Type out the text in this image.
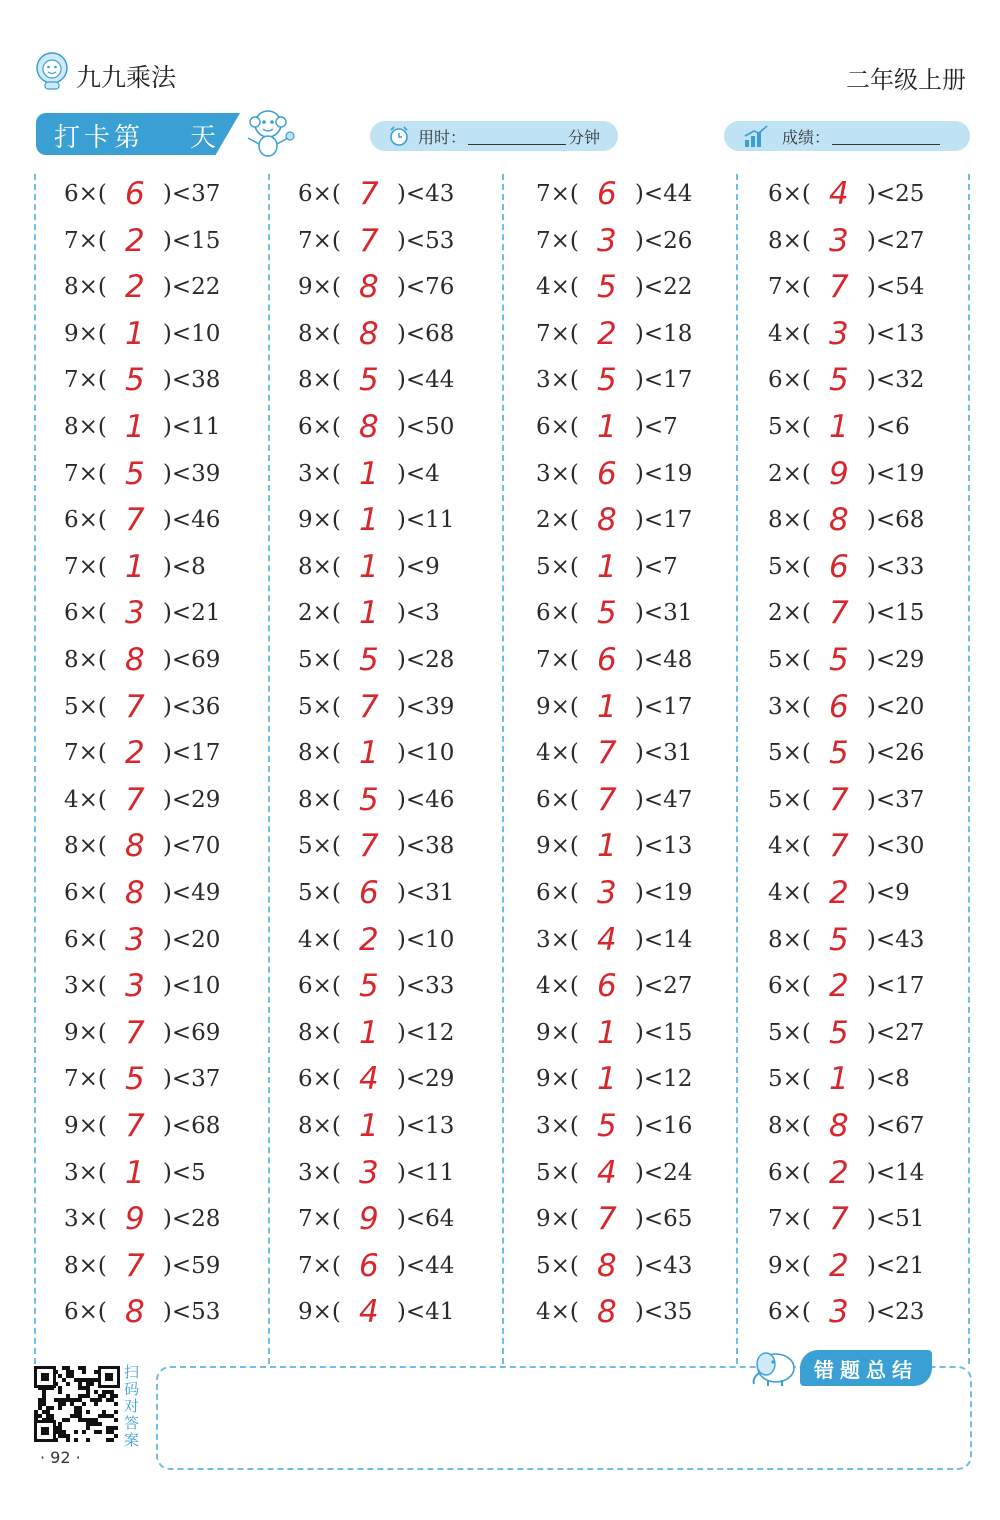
九九乘法	二年级上册
打卡第 天	用时：	分钟	成绩：
6×( 6 )<37
7×( 2 )<15
8×( 2 )<22
9×( 1 )<10
7×( 5 )<38
8×( 1 )<11
7×( 5 )<39
6×( 7 )<46
7×( 1 )<8
6×( 3 )<21
8×( 8 )<69
5×( 7 )<36
7×( 2 )<17
4×( 7 )<29
8×( 8 )<70
6×( 8 )<49
6×( 3 )<20
3×( 3 )<10
9×( 7 )<69
7×( 5 )<37
9×( 7 )<68
3×( 1 )<5
3×( 9 )<28
8×( 7 )<59
6×( 8 )<53
6×( 7 )<43
7×( 7 )<53
9×( 8 )<76
8×( 8 )<68
8×( 5 )<44
6×( 8 )<50
3×( 1 )<4
9×( 1 )<11
8×( 1 )<9
2×( 1 )<3
5×( 5 )<28
5×( 7 )<39
8×( 1 )<10
8×( 5 )<46
5×( 7 )<38
5×( 6 )<31
4×( 2 )<10
6×( 5 )<33
8×( 1 )<12
6×( 4 )<29
8×( 1 )<13
3×( 3 )<11
7×( 9 )<64
7×( 6 )<44
9×( 4 )<41
7×( 6 )<44
7×( 3 )<26
4×( 5 )<22
7×( 2 )<18
3×( 5 )<17
6×( 1 )<7
3×( 6 )<19
2×( 8 )<17
5×( 1 )<7
6×( 5 )<31
7×( 6 )<48
9×( 1 )<17
4×( 7 )<31
6×( 7 )<47
9×( 1 )<13
6×( 3 )<19
3×( 4 )<14
4×( 6 )<27
9×( 1 )<15
9×( 1 )<12
3×( 5 )<16
5×( 4 )<24
9×( 7 )<65
5×( 8 )<43
4×( 8 )<35
6×( 4 )<25
8×( 3 )<27
7×( 7 )<54
4×( 3 )<13
6×( 5 )<32
5×( 1 )<6
2×( 9 )<19
8×( 8 )<68
5×( 6 )<33
2×( 7 )<15
5×( 5 )<29
3×( 6 )<20
5×( 5 )<26
5×( 7 )<37
4×( 7 )<30
4×( 2 )<9
8×( 5 )<43
6×( 2 )<17
5×( 5 )<27
5×( 1 )<8
8×( 8 )<67
6×( 2 )<14
7×( 7 )<51
9×( 2 )<21
6×( 3 )<23
扫
码
对
答
案
· 92 ·
错题总结
